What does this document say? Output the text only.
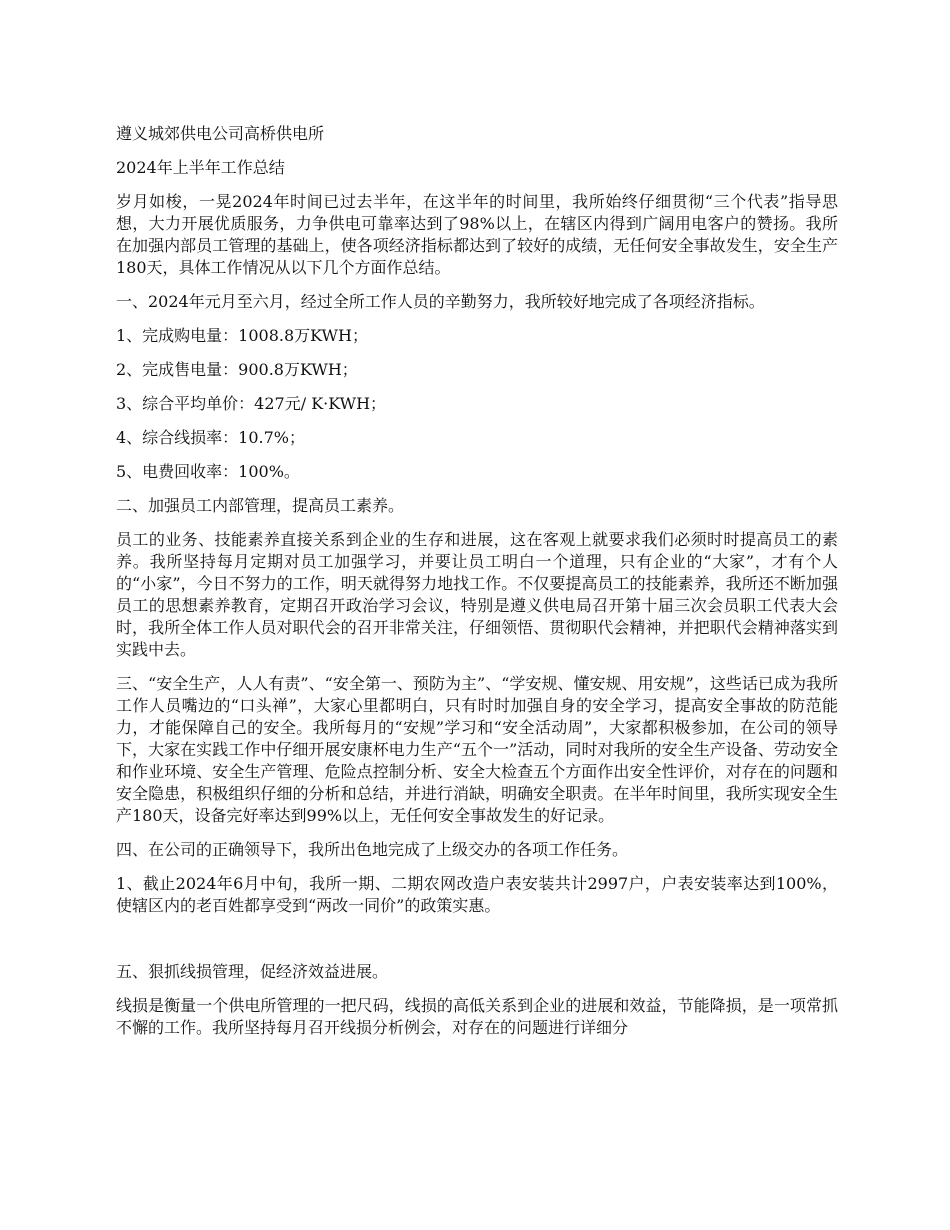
遵义城郊供电公司高桥供电所

2024年上半年工作总结

岁月如梭，一晃2024年时间已过去半年，在这半年的时间里，我所始终仔细贯彻“三个代表”指导思想，大力开展优质服务，力争供电可靠率达到了98%以上，在辖区内得到广阔用电客户的赞扬。我所在加强内部员工管理的基础上，使各项经济指标都达到了较好的成绩，无任何安全事故发生，安全生产180天，具体工作情况从以下几个方面作总结。

一、2024年元月至六月，经过全所工作人员的辛勤努力，我所较好地完成了各项经济指标。

1、完成购电量：1008.8万KWH；

2、完成售电量：900.8万KWH；

3、综合平均单价：427元/ K·KWH；

4、综合线损率：10.7%；

5、电费回收率：100%。

二、加强员工内部管理，提高员工素养。

员工的业务、技能素养直接关系到企业的生存和进展，这在客观上就要求我们必须时时提高员工的素养。我所坚持每月定期对员工加强学习，并要让员工明白一个道理，只有企业的“大家”，才有个人的“小家”，今日不努力的工作，明天就得努力地找工作。不仅要提高员工的技能素养，我所还不断加强员工的思想素养教育，定期召开政治学习会议，特别是遵义供电局召开第十届三次会员职工代表大会时，我所全体工作人员对职代会的召开非常关注，仔细领悟、贯彻职代会精神，并把职代会精神落实到实践中去。

三、“安全生产，人人有责”、“安全第一、预防为主”、“学安规、懂安规、用安规”，这些话已成为我所工作人员嘴边的“口头禅”，大家心里都明白，只有时时加强自身的安全学习，提高安全事故的防范能力，才能保障自己的安全。我所每月的“安规”学习和“安全活动周”，大家都积极参加，在公司的领导下，大家在实践工作中仔细开展安康杯电力生产“五个一”活动，同时对我所的安全生产设备、劳动安全和作业环境、安全生产管理、危险点控制分析、安全大检查五个方面作出安全性评价，对存在的问题和安全隐患，积极组织仔细的分析和总结，并进行消缺，明确安全职责。在半年时间里，我所实现安全生产180天，设备完好率达到99%以上，无任何安全事故发生的好记录。

四、在公司的正确领导下，我所出色地完成了上级交办的各项工作任务。

1、截止2024年6月中旬，我所一期、二期农网改造户表安装共计2997户，户表安装率达到100%，使辖区内的老百姓都享受到“两改一同价”的政策实惠。

五、狠抓线损管理，促经济效益进展。

线损是衡量一个供电所管理的一把尺码，线损的高低关系到企业的进展和效益，节能降损，是一项常抓不懈的工作。我所坚持每月召开线损分析例会，对存在的问题进行详细分
